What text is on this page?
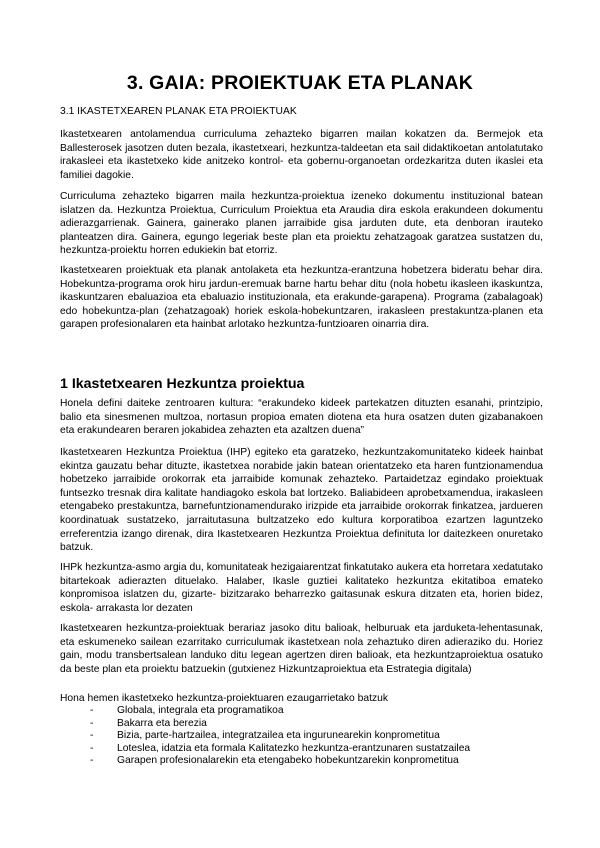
3. GAIA: PROIEKTUAK ETA PLANAK

3.1 IKASTETXEAREN PLANAK ETA PROIEKTUAK

Ikastetxearen antolamendua curriculuma zehazteko bigarren mailan kokatzen da. Bermejok eta Ballesterosek jasotzen duten bezala, ikastetxeari, hezkuntza-taldeetan eta sail didaktikoetan antolatutako irakasleei eta ikastetxeko kide anitzeko kontrol- eta gobernu-organoetan ordezkaritza duten ikaslei eta familiei dagokie.

Curriculuma zehazteko bigarren maila hezkuntza-proiektua izeneko dokumentu instituzional batean islatzen da. Hezkuntza Proiektua, Curriculum Proiektua eta Araudia dira eskola erakundeen dokumentu adierazgarrienak. Gainera, gainerako planen jarraibide gisa jarduten dute, eta denboran irauteko planteatzen dira. Gainera, egungo legeriak beste plan eta proiektu zehatzagoak garatzea sustatzen du, hezkuntza-proiektu horren edukiekin bat etorriz.

Ikastetxearen proiektuak eta planak antolaketa eta hezkuntza-erantzuna hobetzera bideratu behar dira. Hobekuntza-programa orok hiru jardun-eremuak barne hartu behar ditu (nola hobetu ikasleen ikaskuntza, ikaskuntzaren ebaluazioa eta ebaluazio instituzionala, eta erakunde-garapena). Programa (zabalagoak) edo hobekuntza-plan (zehatzagoak) horiek eskola-hobekuntzaren, irakasleen prestakuntza-planen eta garapen profesionalaren eta hainbat arlotako hezkuntza-funtzioaren oinarria dira.

1 Ikastetxearen Hezkuntza proiektua

Honela defini daiteke zentroaren kultura: “erakundeko kideek partekatzen dituzten esanahi, printzipio, balio eta sinesmenen multzoa, nortasun propioa ematen diotena eta hura osatzen duten gizabanakoen eta erakundearen beraren jokabidea zehazten eta azaltzen duena”

Ikastetxearen Hezkuntza Proiektua (IHP) egiteko eta garatzeko, hezkuntzakomunitateko kideek hainbat ekintza gauzatu behar dituzte, ikastetxea norabide jakin batean orientatzeko eta haren funtzionamendua hobetzeko jarraibide orokorrak eta jarraibide komunak zehazteko. Partaidetzaz egindako proiektuak funtsezko tresnak dira kalitate handiagoko eskola bat lortzeko. Baliabideen aprobetxamendua, irakasleen etengabeko prestakuntza, barnefuntzionamendurako irizpide eta jarraibide orokorrak finkatzea, jardueren koordinatuak sustatzeko, jarraitutasuna bultzatzeko edo kultura korporatiboa ezartzen laguntzeko erreferentzia izango direnak, dira Ikastetxearen Hezkuntza Proiektua definituta lor daitezkeen onuretako batzuk.

IHPk hezkuntza-asmo argia du, komunitateak hezigaiarentzat finkatutako aukera eta horretara xedatutako bitartekoak adierazten dituelako. Halaber, Ikasle guztiei kalitateko hezkuntza ekitatiboa emateko konpromisoa islatzen du, gizarte- bizitzarako beharrezko gaitasunak eskura ditzaten eta, horien bidez, eskola- arrakasta lor dezaten

Ikastetxearen hezkuntza-proiektuak berariaz jasoko ditu balioak, helburuak eta jarduketa-lehentasunak, eta eskumeneko sailean ezarritako curriculumak ikastetxean nola zehaztuko diren adieraziko du. Horiez gain, modu transbertsalean landuko ditu legean agertzen diren balioak, eta hezkuntzaproiektua osatuko da beste plan eta proiektu batzuekin (gutxienez Hizkuntzaproiektua eta Estrategia digitala)

Hona hemen ikastetxeko hezkuntza-proiektuaren ezaugarrietako batzuk

- Globala, integrala eta programatikoa
- Bakarra eta berezia
- Bizia, parte-hartzailea, integratzailea eta ingurunearekin konprometitua
- Loteslea, idatzia eta formala Kalitatezko hezkuntza-erantzunaren sustatzailea
- Garapen profesionalarekin eta etengabeko hobekuntzarekin konprometitua
